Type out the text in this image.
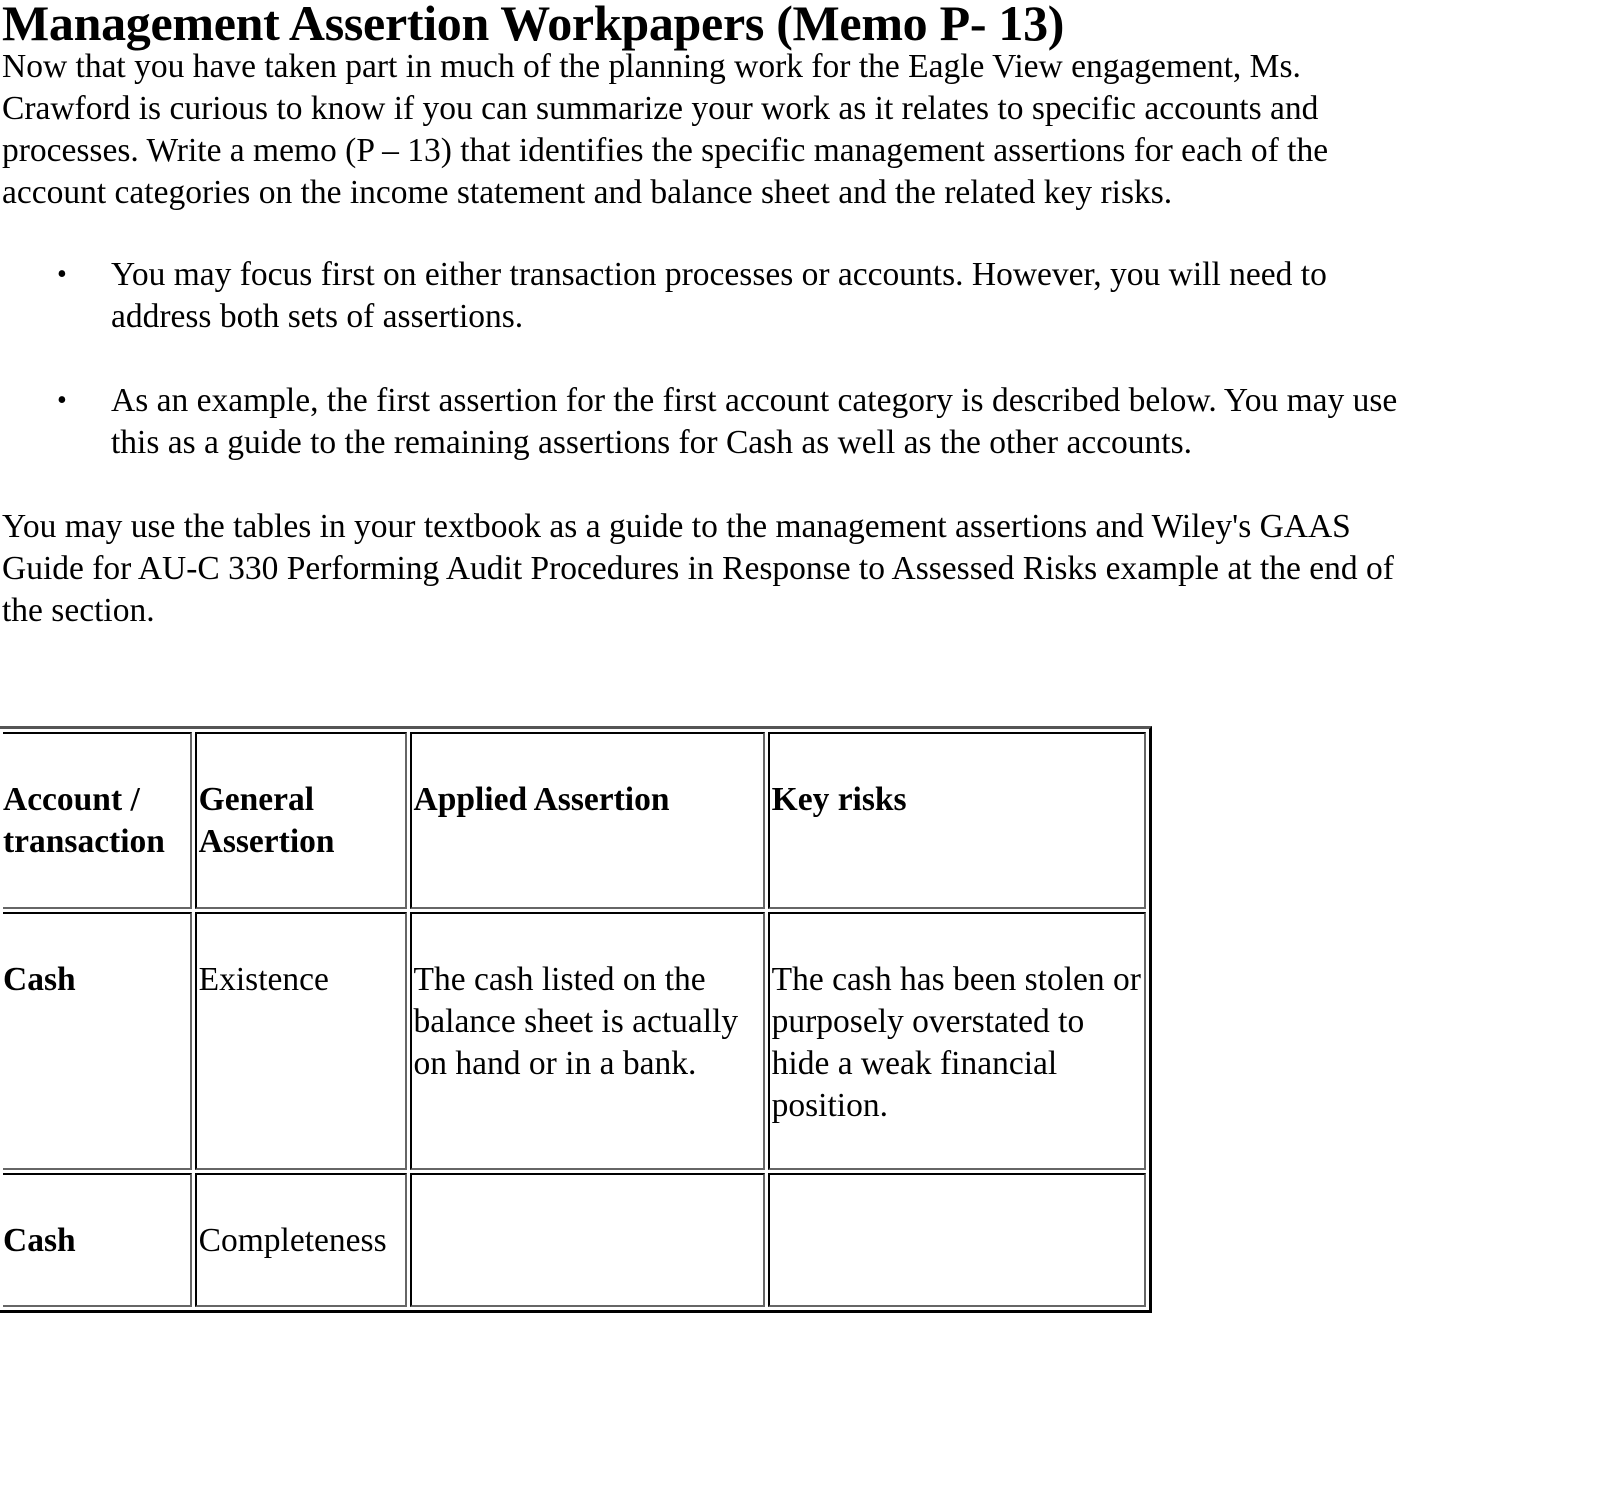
Management Assertion Workpapers (Memo P- 13)

Now that you have taken part in much of the planning work for the Eagle View engagement, Ms. Crawford is curious to know if you can summarize your work as it relates to specific accounts and processes. Write a memo (P – 13) that identifies the specific management assertions for each of the account categories on the income statement and balance sheet and the related key risks.

• You may focus first on either transaction processes or accounts. However, you will need to address both sets of assertions.
• As an example, the first assertion for the first account category is described below. You may use this as a guide to the remaining assertions for Cash as well as the other accounts.

You may use the tables in your textbook as a guide to the management assertions and Wiley's GAAS Guide for AU-C 330 Performing Audit Procedures in Response to Assessed Risks example at the end of the section.

Account / transaction	General Assertion	Applied Assertion	Key risks
Cash	Existence	The cash listed on the balance sheet is actually on hand or in a bank.	The cash has been stolen or purposely overstated to hide a weak financial position.
Cash	Completeness		
